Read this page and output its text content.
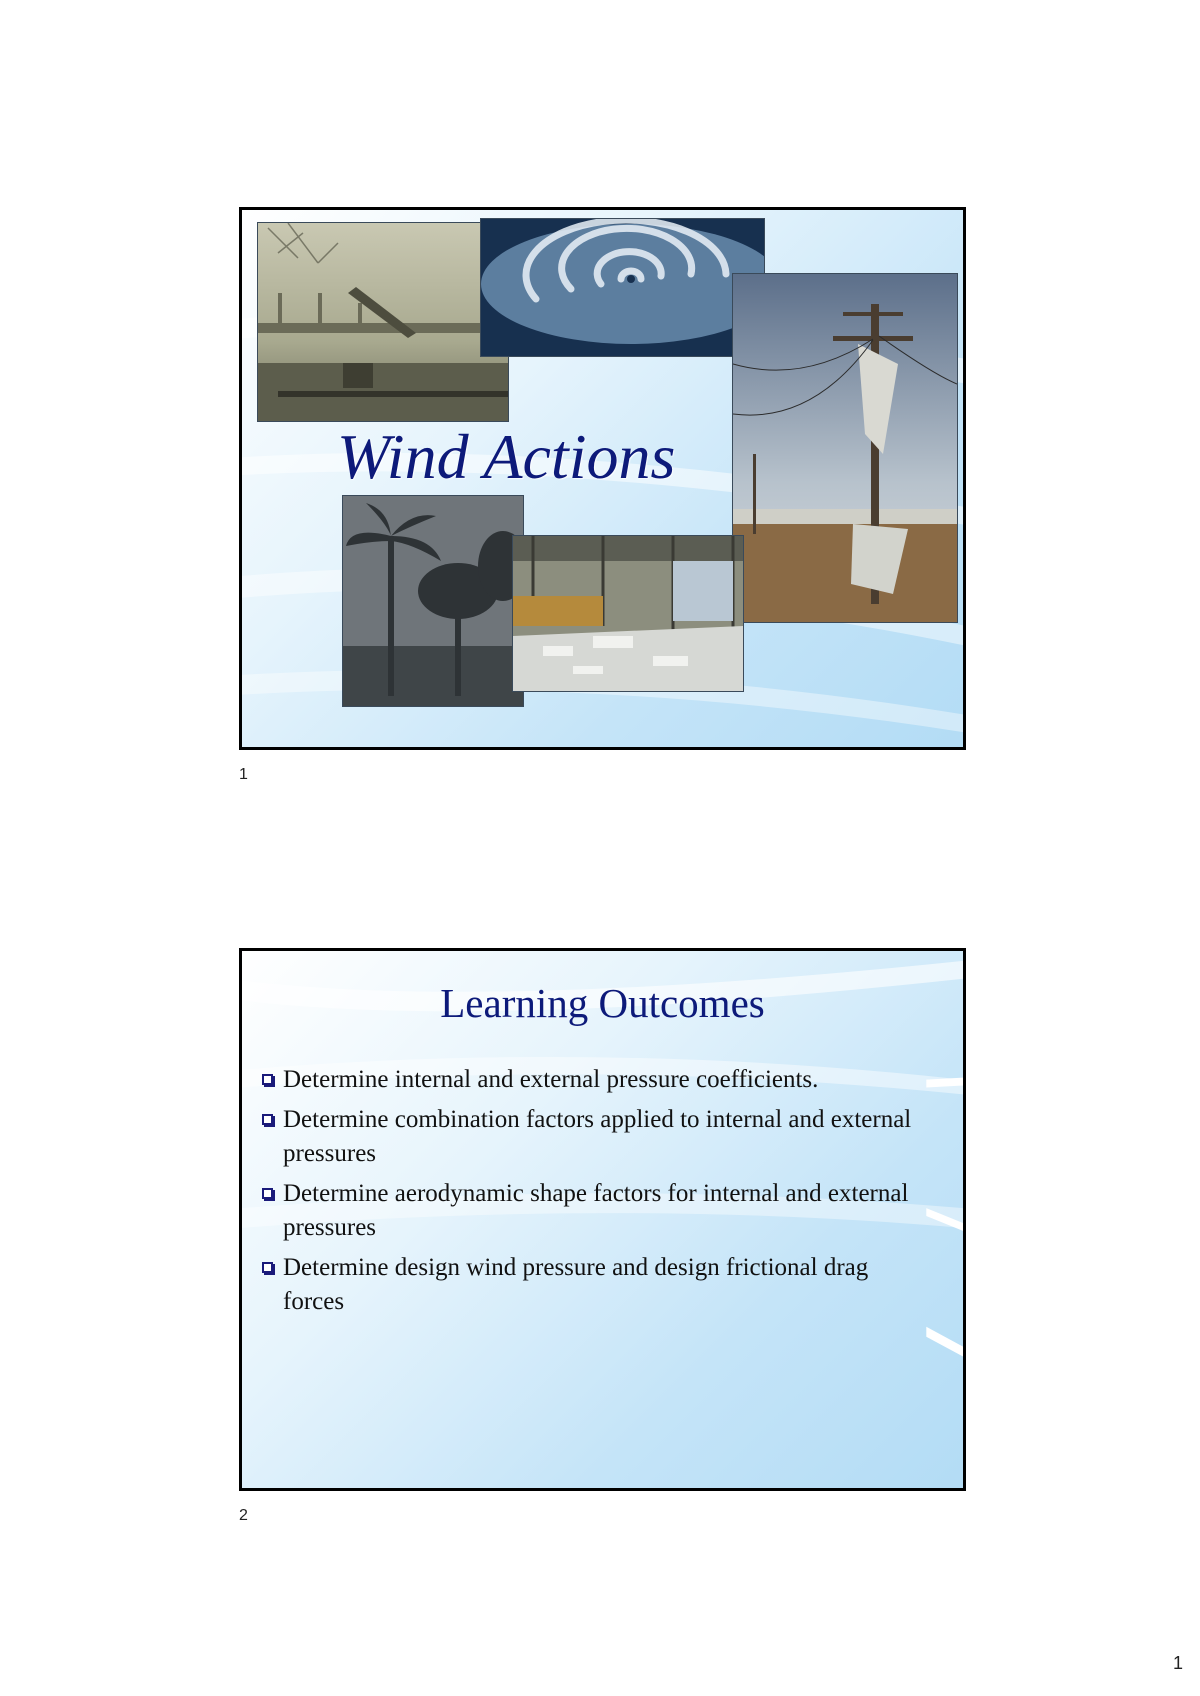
Wind Actions
1
Learning Outcomes
Determine internal and external pressure coefficients.
Determine combination factors applied to internal and external pressures
Determine aerodynamic shape factors for internal and external pressures
Determine design wind pressure and design frictional drag forces
2
1
